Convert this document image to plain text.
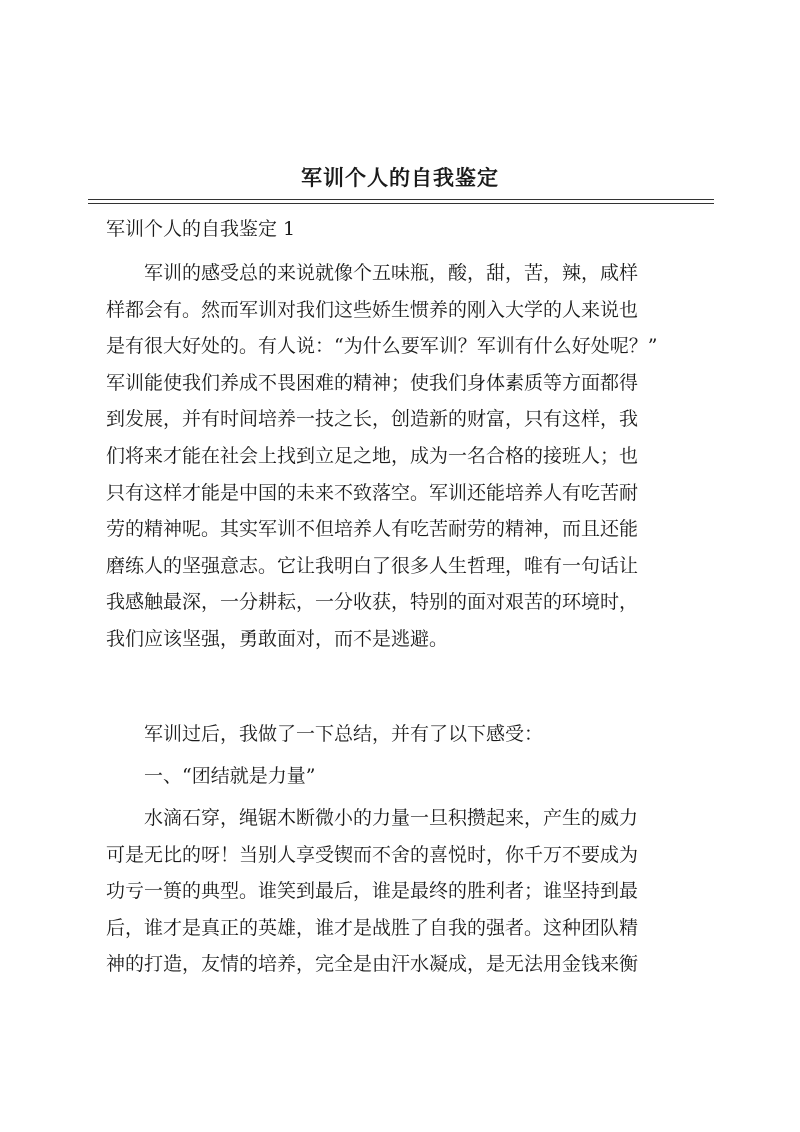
军训个人的自我鉴定

军训个人的自我鉴定 1

军训的感受总的来说就像个五味瓶，酸，甜，苦，辣，咸样
样都会有。然而军训对我们这些娇生惯养的刚入大学的人来说也
是有很大好处的。有人说：“为什么要军训？军训有什么好处呢？”
军训能使我们养成不畏困难的精神；使我们身体素质等方面都得
到发展，并有时间培养一技之长，创造新的财富，只有这样，我
们将来才能在社会上找到立足之地，成为一名合格的接班人；也
只有这样才能是中国的未来不致落空。军训还能培养人有吃苦耐
劳的精神呢。其实军训不但培养人有吃苦耐劳的精神，而且还能
磨练人的坚强意志。它让我明白了很多人生哲理，唯有一句话让
我感触最深，一分耕耘，一分收获，特别的面对艰苦的环境时，
我们应该坚强，勇敢面对，而不是逃避。

军训过后，我做了一下总结，并有了以下感受：

一、“团结就是力量”

水滴石穿，绳锯木断微小的力量一旦积攒起来，产生的威力
可是无比的呀！当别人享受锲而不舍的喜悦时，你千万不要成为
功亏一篑的典型。谁笑到最后，谁是最终的胜利者；谁坚持到最
后，谁才是真正的英雄，谁才是战胜了自我的强者。这种团队精
神的打造，友情的培养，完全是由汗水凝成，是无法用金钱来衡
